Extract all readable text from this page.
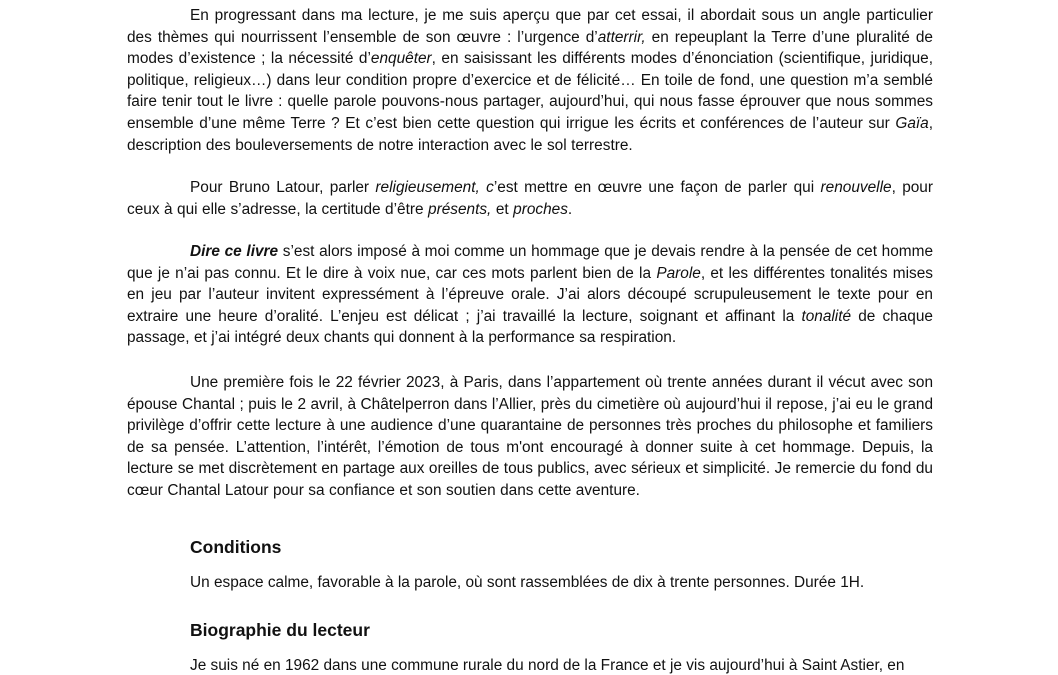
En progressant dans ma lecture, je me suis aperçu que par cet essai, il abordait sous un angle particulier des thèmes qui nourrissent l’ensemble de son œuvre : l’urgence d’atterrir, en repeuplant la Terre d’une pluralité de modes d’existence ; la nécessité d’enquêter, en saisissant les différents modes d’énonciation (scientifique, juridique, politique, religieux…) dans leur condition propre d’exercice et de félicité… En toile de fond, une question m’a semblé faire tenir tout le livre : quelle parole pouvons-nous partager, aujourd’hui, qui nous fasse éprouver que nous sommes ensemble d’une même Terre ? Et c’est bien cette question qui irrigue les écrits et conférences de l’auteur sur Gaïa, description des bouleversements de notre interaction avec le sol terrestre.

Pour Bruno Latour, parler religieusement, c’est mettre en œuvre une façon de parler qui renouvelle, pour ceux à qui elle s’adresse, la certitude d’être présents, et proches.

Dire ce livre s’est alors imposé à moi comme un hommage que je devais rendre à la pensée de cet homme que je n’ai pas connu. Et le dire à voix nue, car ces mots parlent bien de la Parole, et les différentes tonalités mises en jeu par l’auteur invitent expressément à l’épreuve orale. J’ai alors découpé scrupuleusement le texte pour en extraire une heure d’oralité. L’enjeu est délicat ; j’ai travaillé la lecture, soignant et affinant la tonalité de chaque passage, et j’ai intégré deux chants qui donnent à la performance sa respiration.

Une première fois le 22 février 2023, à Paris, dans l’appartement où trente années durant il vécut avec son épouse Chantal ; puis le 2 avril, à Châtelperron dans l’Allier, près du cimetière où aujourd’hui il repose, j’ai eu le grand privilège d’offrir cette lecture à une audience d’une quarantaine de personnes très proches du philosophe et familiers de sa pensée. L’attention, l’intérêt, l’émotion de tous m'ont encouragé à donner suite à cet hommage. Depuis, la lecture se met discrètement en partage aux oreilles de tous publics, avec sérieux et simplicité. Je remercie du fond du cœur Chantal Latour pour sa confiance et son soutien dans cette aventure.

Conditions

Un espace calme, favorable à la parole, où sont rassemblées de dix à trente personnes. Durée 1H.

Biographie du lecteur

Je suis né en 1962 dans une commune rurale du nord de la France et je vis aujourd’hui à Saint Astier, en
